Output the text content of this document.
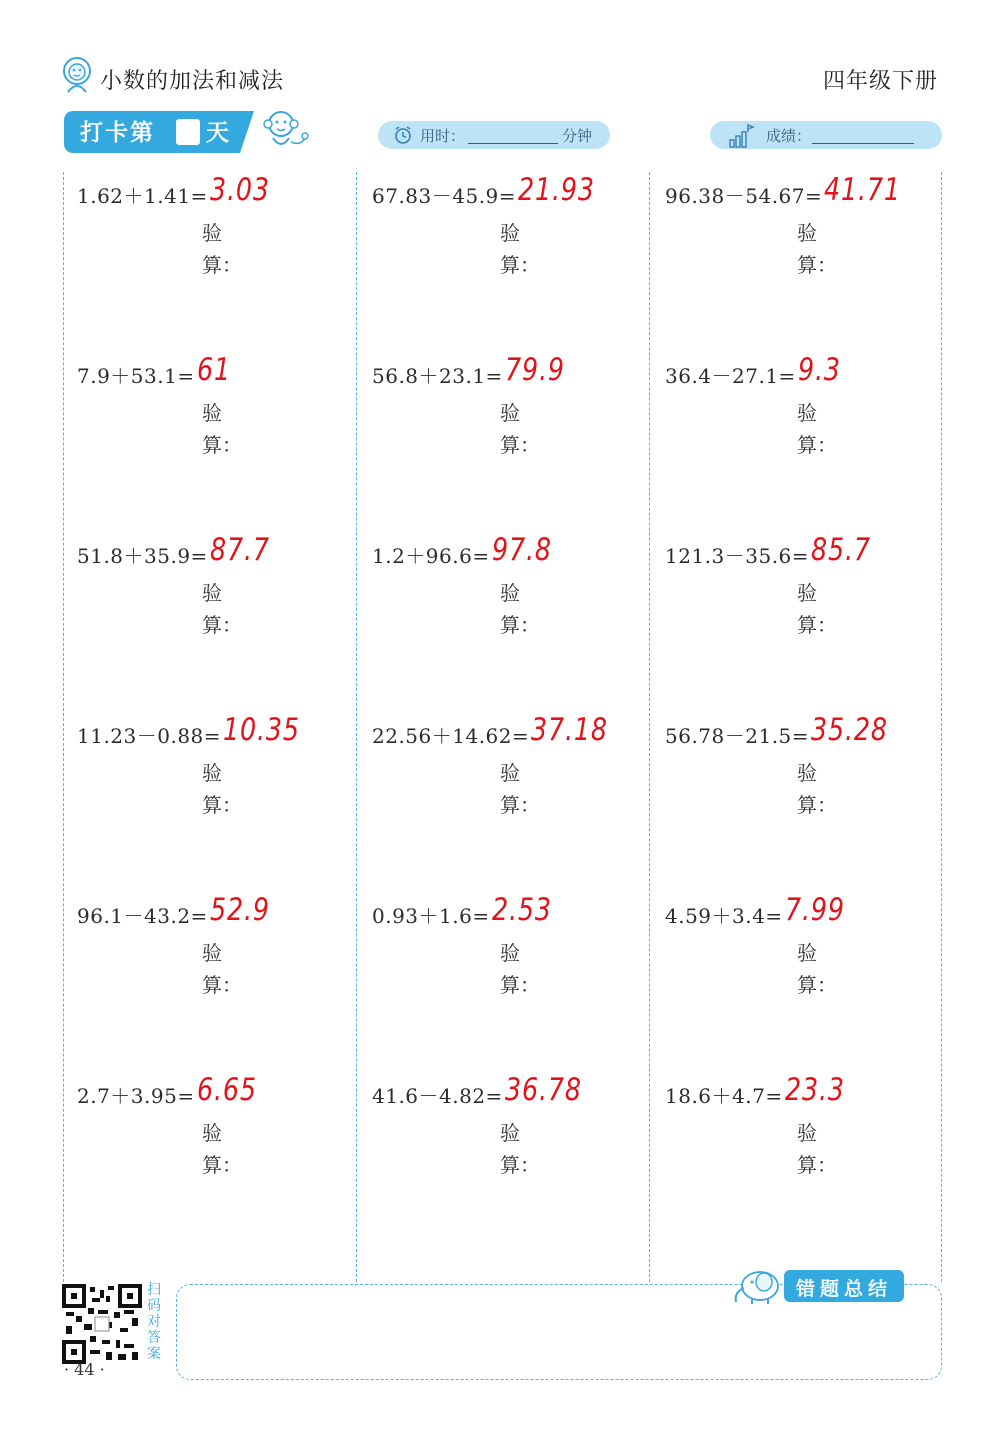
小数的加法和减法	四年级下册
打卡第 天	用时：	分钟	成绩：
1.62＋1.41= 3.03
验
算：
7.9＋53.1= 61
验
算：
51.8＋35.9= 87.7
验
算：
11.23－0.88= 10.35
验
算：
96.1－43.2= 52.9
验
算：
2.7＋3.95= 6.65
验
算：
67.83－45.9= 21.93
验
算：
56.8＋23.1= 79.9
验
算：
1.2＋96.6= 97.8
验
算：
22.56＋14.62= 37.18
验
算：
0.93＋1.6= 2.53
验
算：
41.6－4.82= 36.78
验
算：
96.38－54.67= 41.71
验
算：
36.4－27.1= 9.3
验
算：
121.3－35.6= 85.7
验
算：
56.78－21.5= 35.28
验
算：
4.59＋3.4= 7.99
验
算：
18.6＋4.7= 23.3
验
算：
扫码对答案
· 44 ·
错题总结
